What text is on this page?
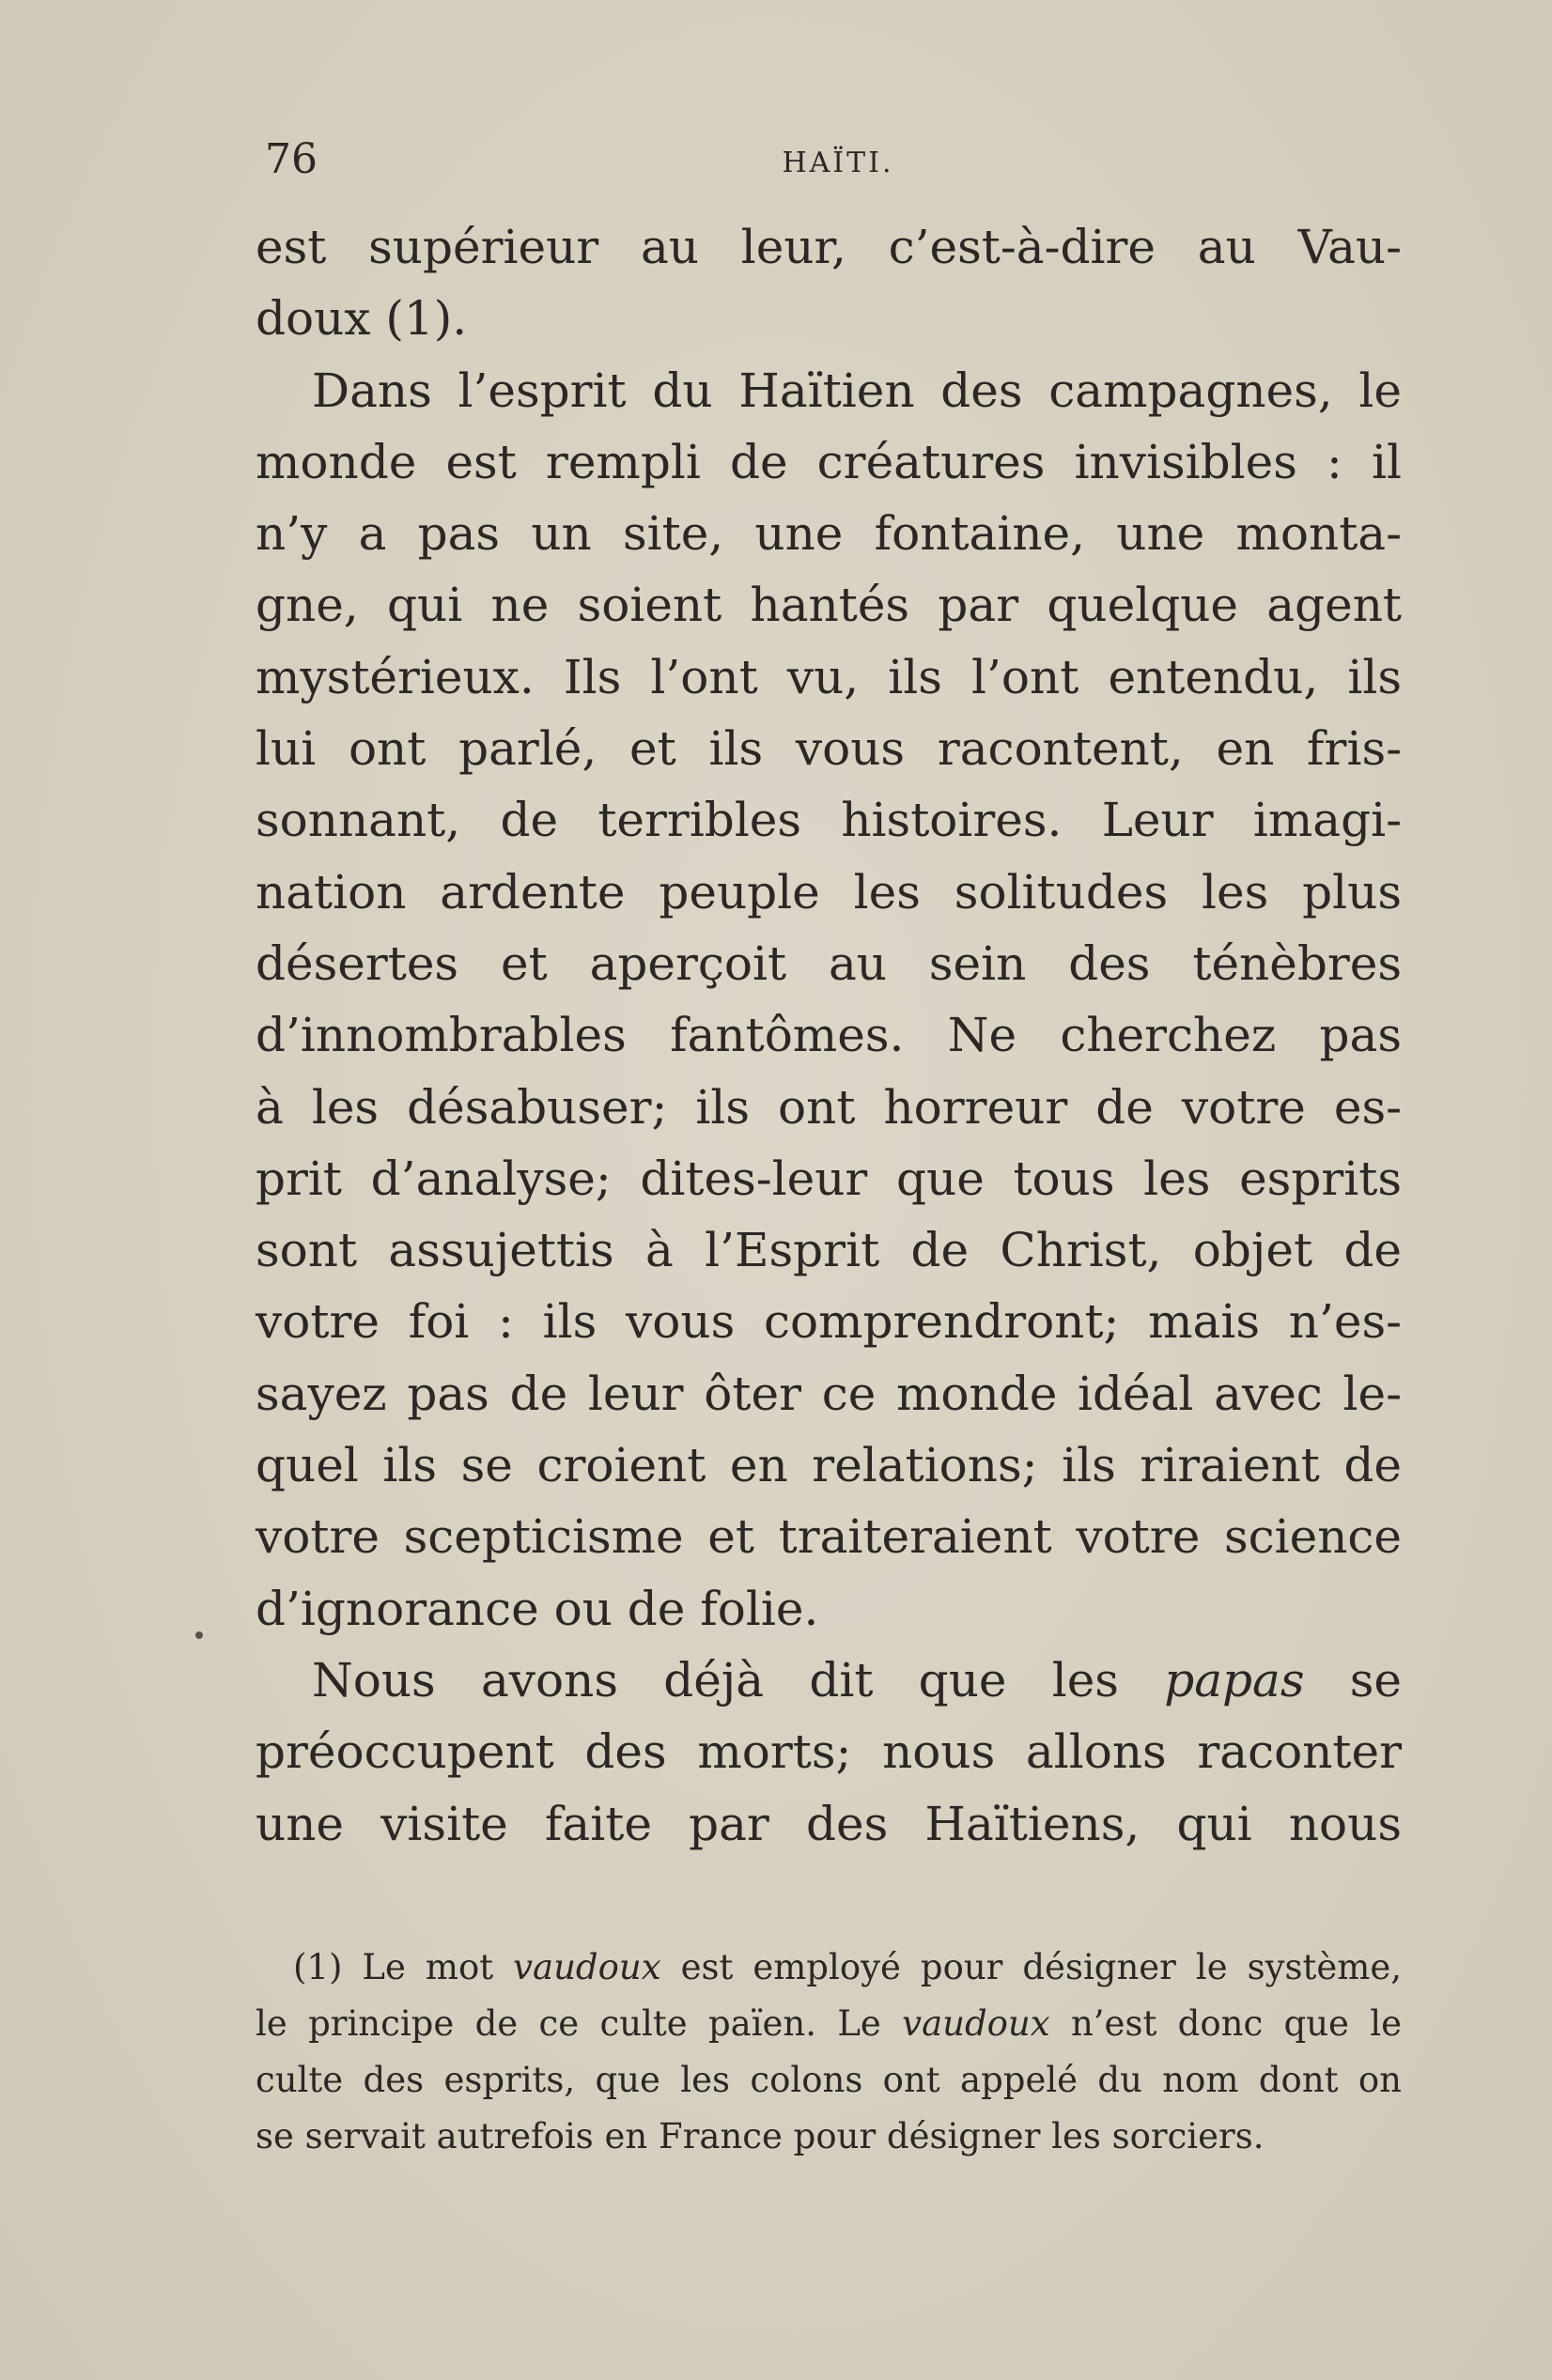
76	HAÏTI.
est supérieur au leur, c’est-à-dire au Vau-
doux (1).
Dans l’esprit du Haïtien des campagnes, le
monde est rempli de créatures invisibles : il
n’y a pas un site, une fontaine, une monta-
gne, qui ne soient hantés par quelque agent
mystérieux. Ils l’ont vu, ils l’ont entendu, ils
lui ont parlé, et ils vous racontent, en fris-
sonnant, de terribles histoires. Leur imagi-
nation ardente peuple les solitudes les plus
désertes et aperçoit au sein des ténèbres
d’innombrables fantômes. Ne cherchez pas
à les désabuser; ils ont horreur de votre es-
prit d’analyse; dites-leur que tous les esprits
sont assujettis à l’Esprit de Christ, objet de
votre foi : ils vous comprendront; mais n’es-
sayez pas de leur ôter ce monde idéal avec le-
quel ils se croient en relations; ils riraient de
votre scepticisme et traiteraient votre science
d’ignorance ou de folie.
Nous avons déjà dit que les papas se
préoccupent des morts; nous allons raconter
une visite faite par des Haïtiens, qui nous
(1) Le mot vaudoux est employé pour désigner le système,
le principe de ce culte païen. Le vaudoux n’est donc que le
culte des esprits, que les colons ont appelé du nom dont on
se servait autrefois en France pour désigner les sorciers.
